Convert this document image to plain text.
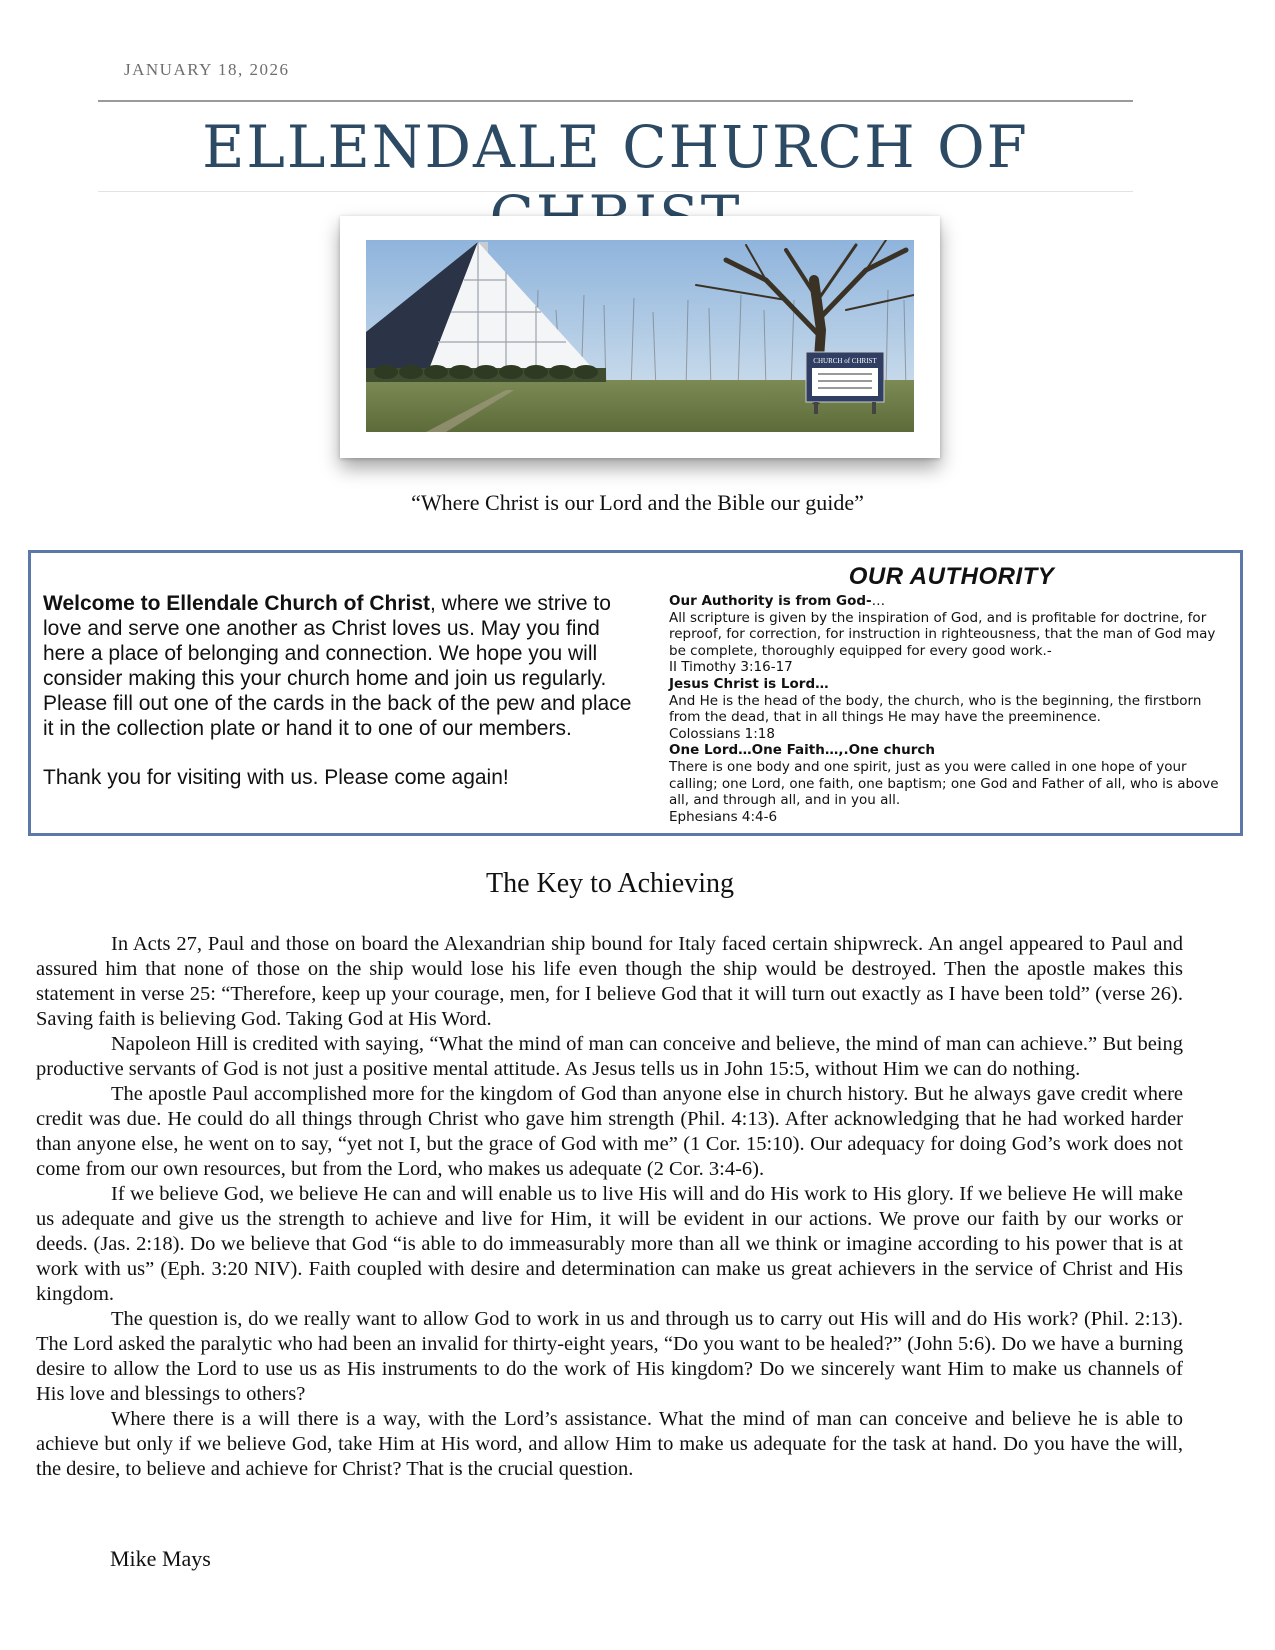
JANUARY 18, 2026
ELLENDALE CHURCH OF
CHURCH of CHRIST
“Where Christ is our Lord and the Bible our guide”
Welcome to Ellendale Church of Christ, where we strive to love and serve one another as Christ loves us. May you find here a place of belonging and connection. We hope you will consider making this your church home and join us regularly. Please fill out one of the cards in the back of the pew and place it in the collection plate or hand it to one of our members.
Thank you for visiting with us. Please come again!
OUR AUTHORITY
Our Authority is from God-…
All scripture is given by the inspiration of God, and is profitable for doctrine, for reproof, for correction, for instruction in righteousness, that the man of God may be complete, thoroughly equipped for every good work.-
II Timothy 3:16-17
Jesus Christ is Lord…
And He is the head of the body, the church, who is the beginning, the firstborn from the dead, that in all things He may have the preeminence.
Colossians 1:18
One Lord…One Faith…,.One church
There is one body and one spirit, just as you were called in one hope of your calling; one Lord, one faith, one baptism; one God and Father of all, who is above all, and through all, and in you all.
Ephesians 4:4-6
The Key to Achieving

In Acts 27, Paul and those on board the Alexandrian ship bound for Italy faced certain shipwreck. An angel appeared to Paul and assured him that none of those on the ship would lose his life even though the ship would be destroyed. Then the apostle makes this statement in verse 25: “Therefore, keep up your courage, men, for I believe God that it will turn out exactly as I have been told” (verse 26). Saving faith is believing God. Taking God at His Word.

Napoleon Hill is credited with saying, “What the mind of man can conceive and believe, the mind of man can achieve.” But being productive servants of God is not just a positive mental attitude. As Jesus tells us in John 15:5, without Him we can do nothing.

The apostle Paul accomplished more for the kingdom of God than anyone else in church history. But he always gave credit where credit was due. He could do all things through Christ who gave him strength (Phil. 4:13). After acknowledging that he had worked harder than anyone else, he went on to say, “yet not I, but the grace of God with me” (1 Cor. 15:10). Our adequacy for doing God’s work does not come from our own resources, but from the Lord, who makes us adequate (2 Cor. 3:4-6).

If we believe God, we believe He can and will enable us to live His will and do His work to His glory. If we believe He will make us adequate and give us the strength to achieve and live for Him, it will be evident in our actions. We prove our faith by our works or deeds. (Jas. 2:18). Do we believe that God “is able to do immeasurably more than all we think or imagine according to his power that is at work with us” (Eph. 3:20 NIV). Faith coupled with desire and determination can make us great achievers in the service of Christ and His kingdom.

The question is, do we really want to allow God to work in us and through us to carry out His will and do His work? (Phil. 2:13). The Lord asked the paralytic who had been an invalid for thirty-eight years, “Do you want to be healed?” (John 5:6). Do we have a burning desire to allow the Lord to use us as His instruments to do the work of His kingdom? Do we sincerely want Him to make us channels of His love and blessings to others?

Where there is a will there is a way, with the Lord’s assistance. What the mind of man can conceive and believe he is able to achieve but only if we believe God, take Him at His word, and allow Him to make us adequate for the task at hand. Do you have the will, the desire, to believe and achieve for Christ? That is the crucial question.

Mike Mays
